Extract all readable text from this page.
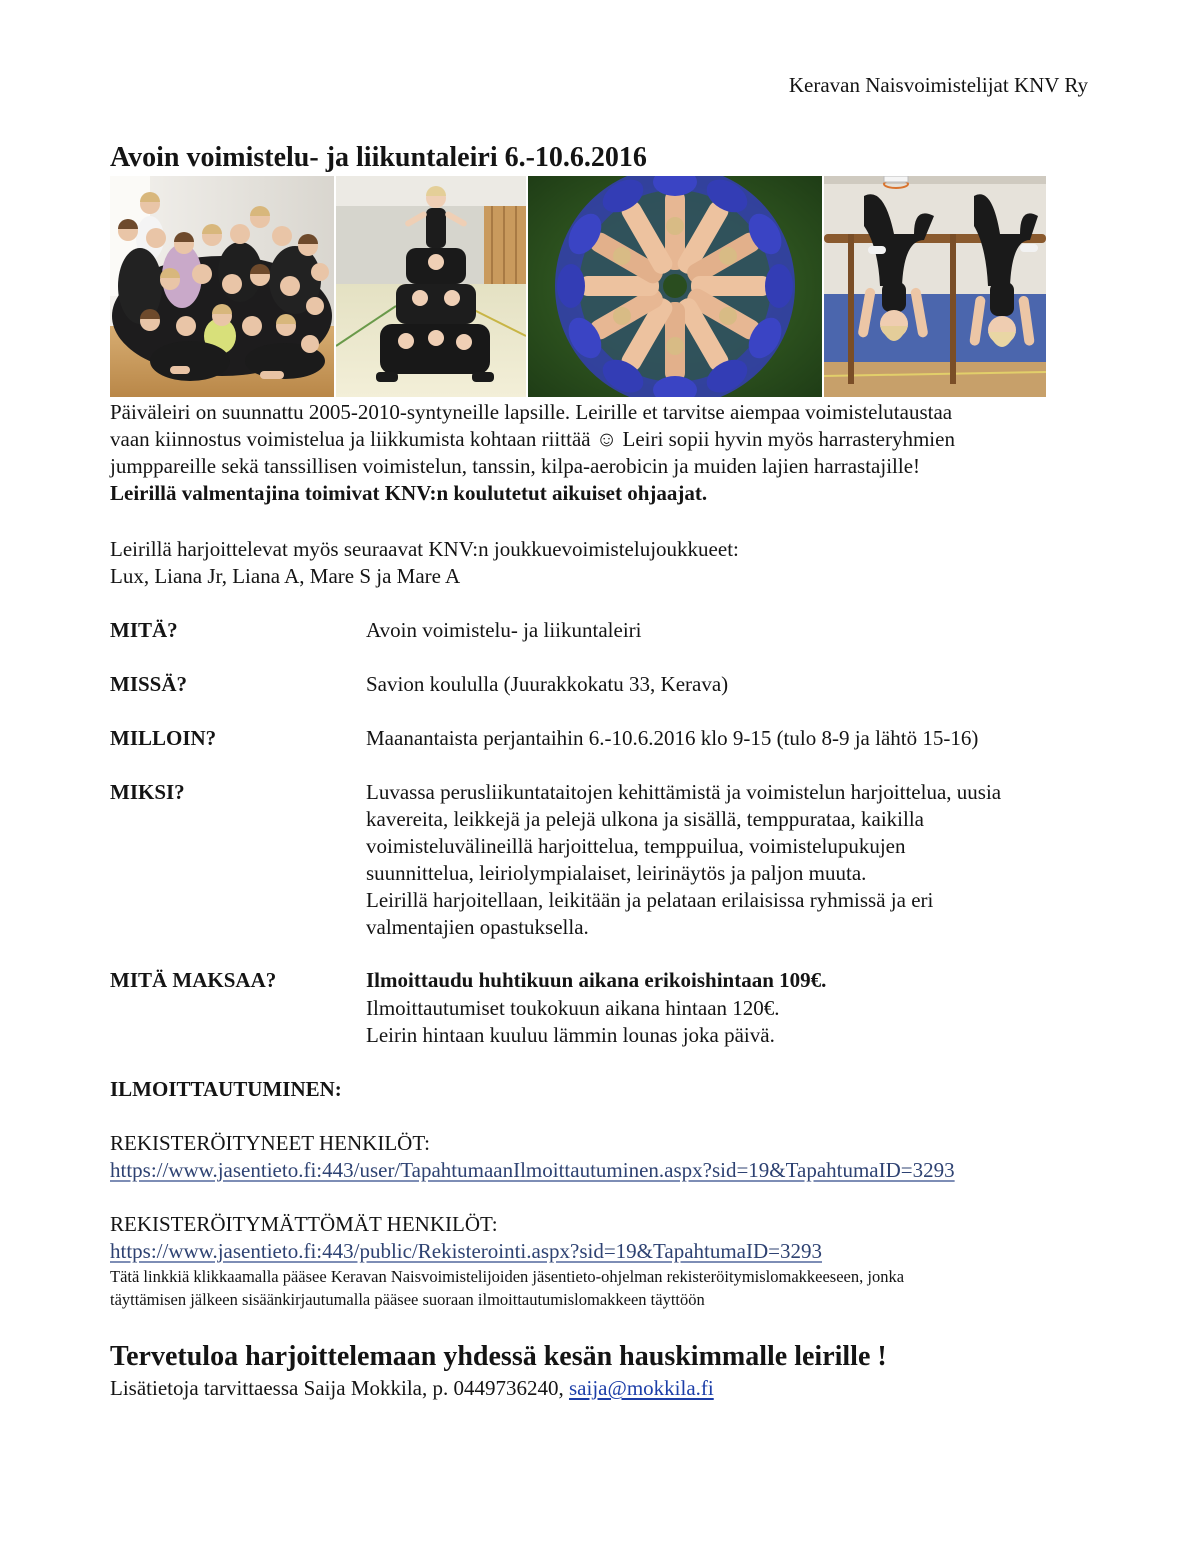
Keravan Naisvoimistelijat KNV Ry
Avoin voimistelu- ja liikuntaleiri 6.-10.6.2016
Päiväleiri on suunnattu 2005-2010-syntyneille lapsille. Leirille et tarvitse aiempaa voimistelutaustaa
vaan kiinnostus voimistelua ja liikkumista kohtaan riittää ☺ Leiri sopii hyvin myös harrasteryhmien
jumppareille sekä tanssillisen voimistelun, tanssin, kilpa-aerobicin ja muiden lajien harrastajille!
Leirillä valmentajina toimivat KNV:n koulutetut aikuiset ohjaajat.
Leirillä harjoittelevat myös seuraavat KNV:n joukkuevoimistelujoukkueet:
Lux, Liana Jr, Liana A, Mare S ja Mare A
MITÄ?	Avoin voimistelu- ja liikuntaleiri
MISSÄ?	Savion koululla (Juurakkokatu 33, Kerava)
MILLOIN?	Maanantaista perjantaihin 6.-10.6.2016 klo 9-15 (tulo 8-9 ja lähtö 15-16)
MIKSI?	Luvassa perusliikuntataitojen kehittämistä ja voimistelun harjoittelua, uusia
kavereita, leikkejä ja pelejä ulkona ja sisällä, temppurataa, kaikilla
voimisteluvälineillä harjoittelua, temppuilua, voimistelupukujen
suunnittelua, leiriolympialaiset, leirinäytös ja paljon muuta.
Leirillä harjoitellaan, leikitään ja pelataan erilaisissa ryhmissä ja eri
valmentajien opastuksella.
MITÄ MAKSAA?	Ilmoittaudu huhtikuun aikana erikoishintaan 109€.
Ilmoittautumiset toukokuun aikana hintaan 120€.
Leirin hintaan kuuluu lämmin lounas joka päivä.
ILMOITTAUTUMINEN:
REKISTERÖITYNEET HENKILÖT:
https://www.jasentieto.fi:443/user/TapahtumaanIlmoittautuminen.aspx?sid=19&TapahtumaID=3293
REKISTERÖITYMÄTTÖMÄT HENKILÖT:
https://www.jasentieto.fi:443/public/Rekisterointi.aspx?sid=19&TapahtumaID=3293
Tätä linkkiä klikkaamalla pääsee Keravan Naisvoimistelijoiden jäsentieto-ohjelman rekisteröitymislomakkeeseen, jonka
täyttämisen jälkeen sisäänkirjautumalla pääsee suoraan ilmoittautumislomakkeen täyttöön
Tervetuloa harjoittelemaan yhdessä kesän hauskimmalle leirille !
Lisätietoja tarvittaessa Saija Mokkila, p. 0449736240, saija@mokkila.fi
